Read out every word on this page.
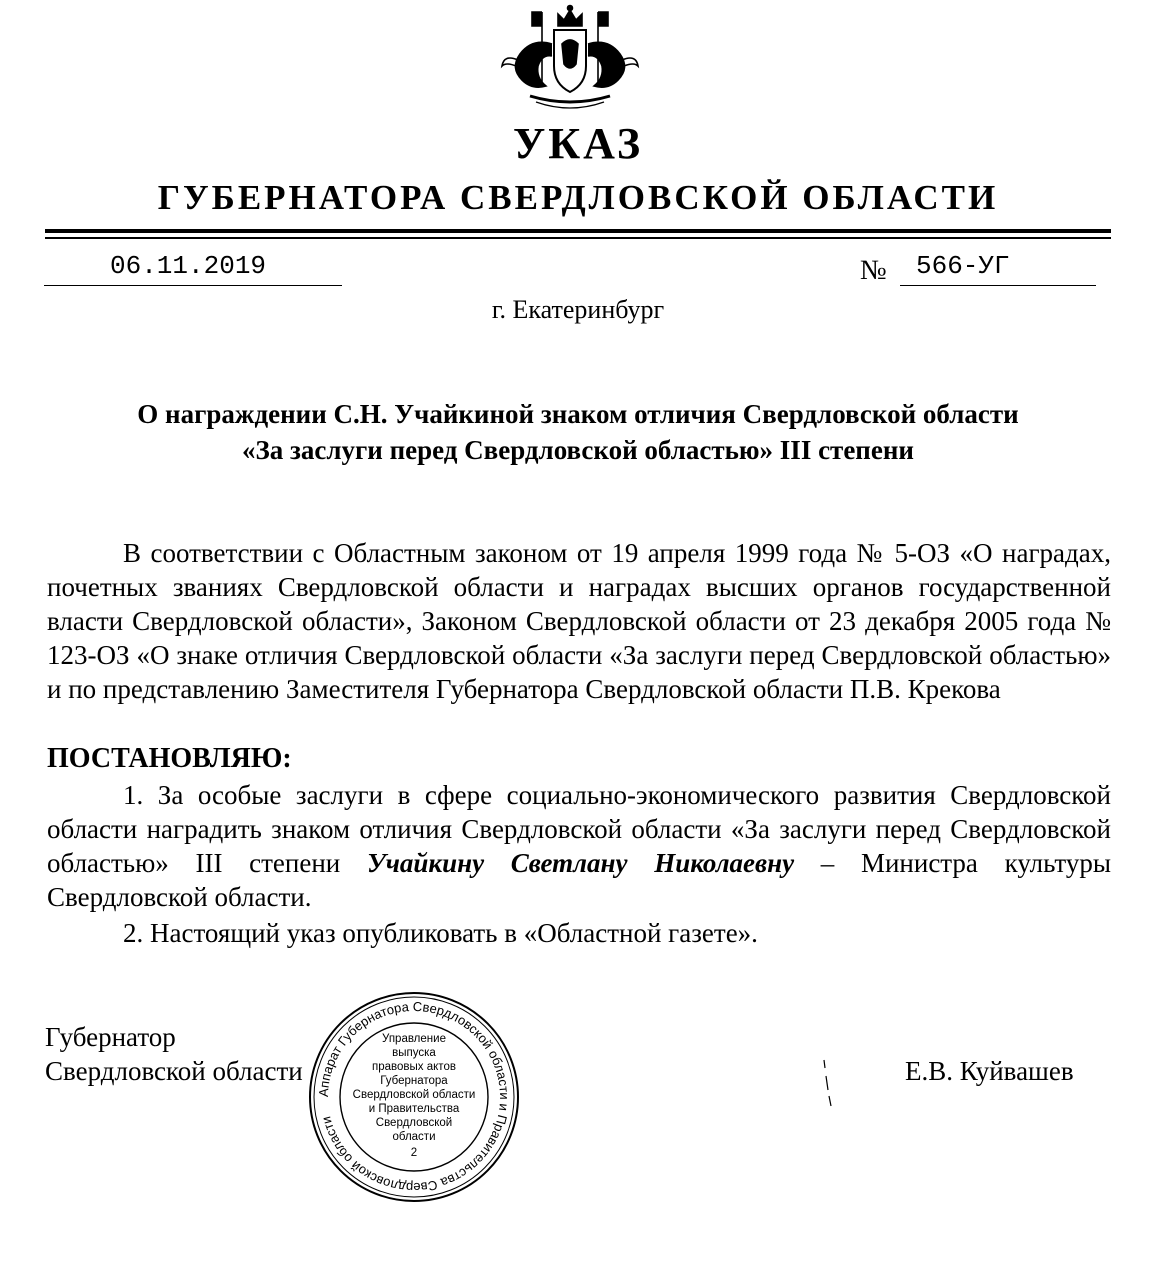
УКАЗ
ГУБЕРНАТОРА СВЕРДЛОВСКОЙ ОБЛАСТИ
06.11.2019	№ 566-УГ
г. Екатеринбург
О награждении С.Н. Учайкиной знаком отличия Свердловской области
«За заслуги перед Свердловской областью» III степени
В соответствии с Областным законом от 19 апреля 1999 года № 5-ОЗ «О наградах, почетных званиях Свердловской области и наградах высших органов государственной власти Свердловской области», Законом Свердловской области от 23 декабря 2005 года № 123-ОЗ «О знаке отличия Свердловской области «За заслуги перед Свердловской областью» и по представлению Заместителя Губернатора Свердловской области П.В. Крекова
ПОСТАНОВЛЯЮ:
1. За особые заслуги в сфере социально-экономического развития Свердловской области наградить знаком отличия Свердловской области «За заслуги перед Свердловской областью» III степени Учайкину Светлану Николаевну – Министра культуры Свердловской области.
2. Настоящий указ опубликовать в «Областной газете».
Губернатор
Свердловской области
Аппарат Губернатора Свердловской области и Правительства Свердловской области
Управление
выпуска
правовых актов
Губернатора
Свердловской области
и Правительства
Свердловской
области
2
Е.В. Куйвашев
